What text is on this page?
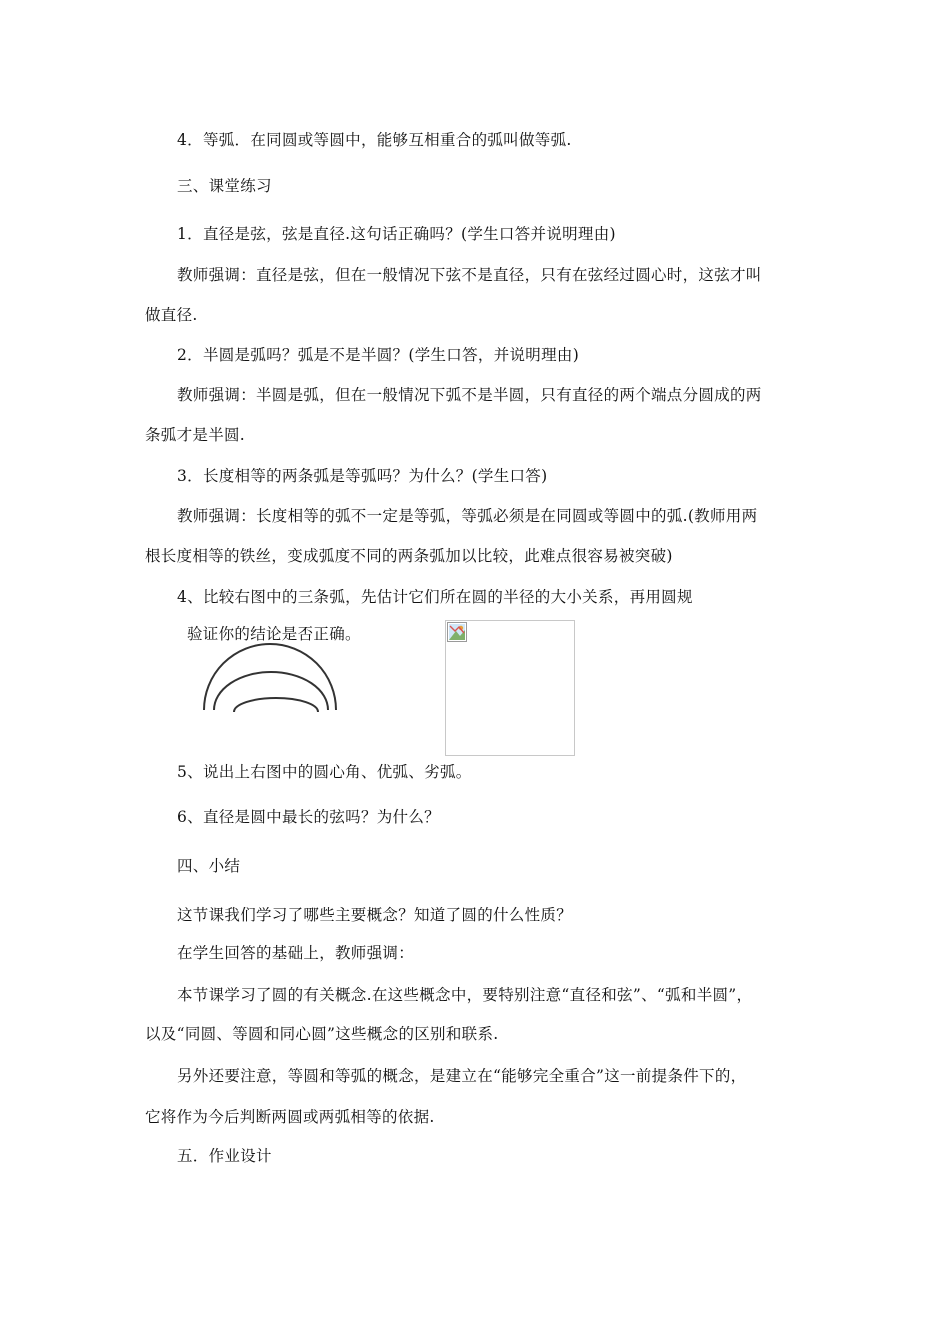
4．等弧．在同圆或等圆中，能够互相重合的弧叫做等弧.
三、课堂练习
1．直径是弦，弦是直径.这句话正确吗？(学生口答并说明理由)
教师强调：直径是弦，但在一般情况下弦不是直径，只有在弦经过圆心时，这弦才叫
做直径.
2．半圆是弧吗？弧是不是半圆？(学生口答，并说明理由)
教师强调：半圆是弧，但在一般情况下弧不是半圆，只有直径的两个端点分圆成的两
条弧才是半圆.
3．长度相等的两条弧是等弧吗？为什么？(学生口答)
教师强调：长度相等的弧不一定是等弧，等弧必须是在同圆或等圆中的弧.(教师用两
根长度相等的铁丝，变成弧度不同的两条弧加以比较，此难点很容易被突破)
4、比较右图中的三条弧，先估计它们所在圆的半径的大小关系，再用圆规
验证你的结论是否正确。
5、说出上右图中的圆心角、优弧、劣弧。
6、直径是圆中最长的弦吗？为什么？
四、小结
这节课我们学习了哪些主要概念？知道了圆的什么性质？
在学生回答的基础上，教师强调：
本节课学习了圆的有关概念.在这些概念中，要特别注意“直径和弦”、“弧和半圆”，
以及“同圆、等圆和同心圆”这些概念的区别和联系.
另外还要注意，等圆和等弧的概念，是建立在“能够完全重合”这一前提条件下的，
它将作为今后判断两圆或两弧相等的依据.
五．作业设计
